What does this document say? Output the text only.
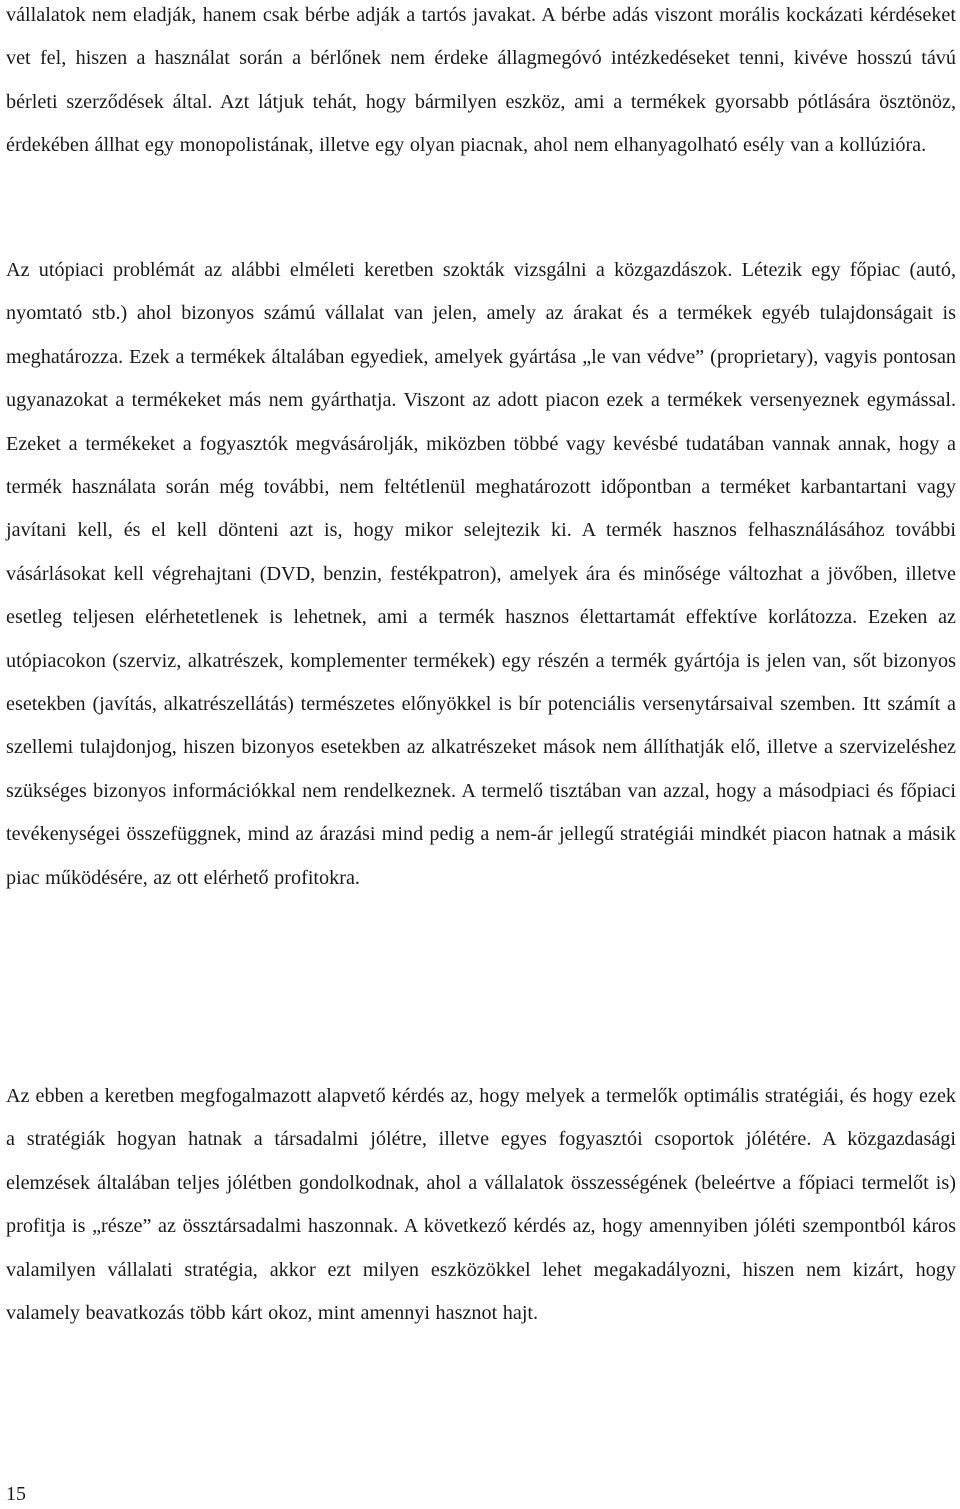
vállalatok nem eladják, hanem csak bérbe adják a tartós javakat. A bérbe adás viszont morális kockázati kérdéseket vet fel, hiszen a használat során a bérlőnek nem érdeke állagmegóvó intézkedéseket tenni, kivéve hosszú távú bérleti szerződések által. Azt látjuk tehát, hogy bármilyen eszköz, ami a termékek gyorsabb pótlására ösztönöz, érdekében állhat egy monopolistának, illetve egy olyan piacnak, ahol nem elhanyagolható esély van a kollúzióra.

Az utópiaci problémát az alábbi elméleti keretben szokták vizsgálni a közgazdászok. Létezik egy főpiac (autó, nyomtató stb.) ahol bizonyos számú vállalat van jelen, amely az árakat és a termékek egyéb tulajdonságait is meghatározza. Ezek a termékek általában egyediek, amelyek gyártása „le van védve” (proprietary), vagyis pontosan ugyanazokat a termékeket más nem gyárthatja. Viszont az adott piacon ezek a termékek versenyeznek egymással. Ezeket a termékeket a fogyasztók megvásárolják, miközben többé vagy kevésbé tudatában vannak annak, hogy a termék használata során még további, nem feltétlenül meghatározott időpontban a terméket karbantartani vagy javítani kell, és el kell dönteni azt is, hogy mikor selejtezik ki. A termék hasznos felhasználásához további vásárlásokat kell végrehajtani (DVD, benzin, festékpatron), amelyek ára és minősége változhat a jövőben, illetve esetleg teljesen elérhetetlenek is lehetnek, ami a termék hasznos élettartamát effektíve korlátozza. Ezeken az utópiacokon (szerviz, alkatrészek, komplementer termékek) egy részén a termék gyártója is jelen van, sőt bizonyos esetekben (javítás, alkatrészellátás) természetes előnyökkel is bír potenciális versenytársaival szemben. Itt számít a szellemi tulajdonjog, hiszen bizonyos esetekben az alkatrészeket mások nem állíthatják elő, illetve a szervizeléshez szükséges bizonyos információkkal nem rendelkeznek. A termelő tisztában van azzal, hogy a másodpiaci és főpiaci tevékenységei összefüggnek, mind az árazási mind pedig a nem-ár jellegű stratégiái mindkét piacon hatnak a másik piac működésére, az ott elérhető profitokra.

Az ebben a keretben megfogalmazott alapvető kérdés az, hogy melyek a termelők optimális stratégiái, és hogy ezek a stratégiák hogyan hatnak a társadalmi jólétre, illetve egyes fogyasztói csoportok jólétére. A közgazdasági elemzések általában teljes jólétben gondolkodnak, ahol a vállalatok összességének (beleértve a főpiaci termelőt is) profitja is „része” az össztársadalmi haszonnak. A következő kérdés az, hogy amennyiben jóléti szempontból káros valamilyen vállalati stratégia, akkor ezt milyen eszközökkel lehet megakadályozni, hiszen nem kizárt, hogy valamely beavatkozás több kárt okoz, mint amennyi hasznot hajt.

15
